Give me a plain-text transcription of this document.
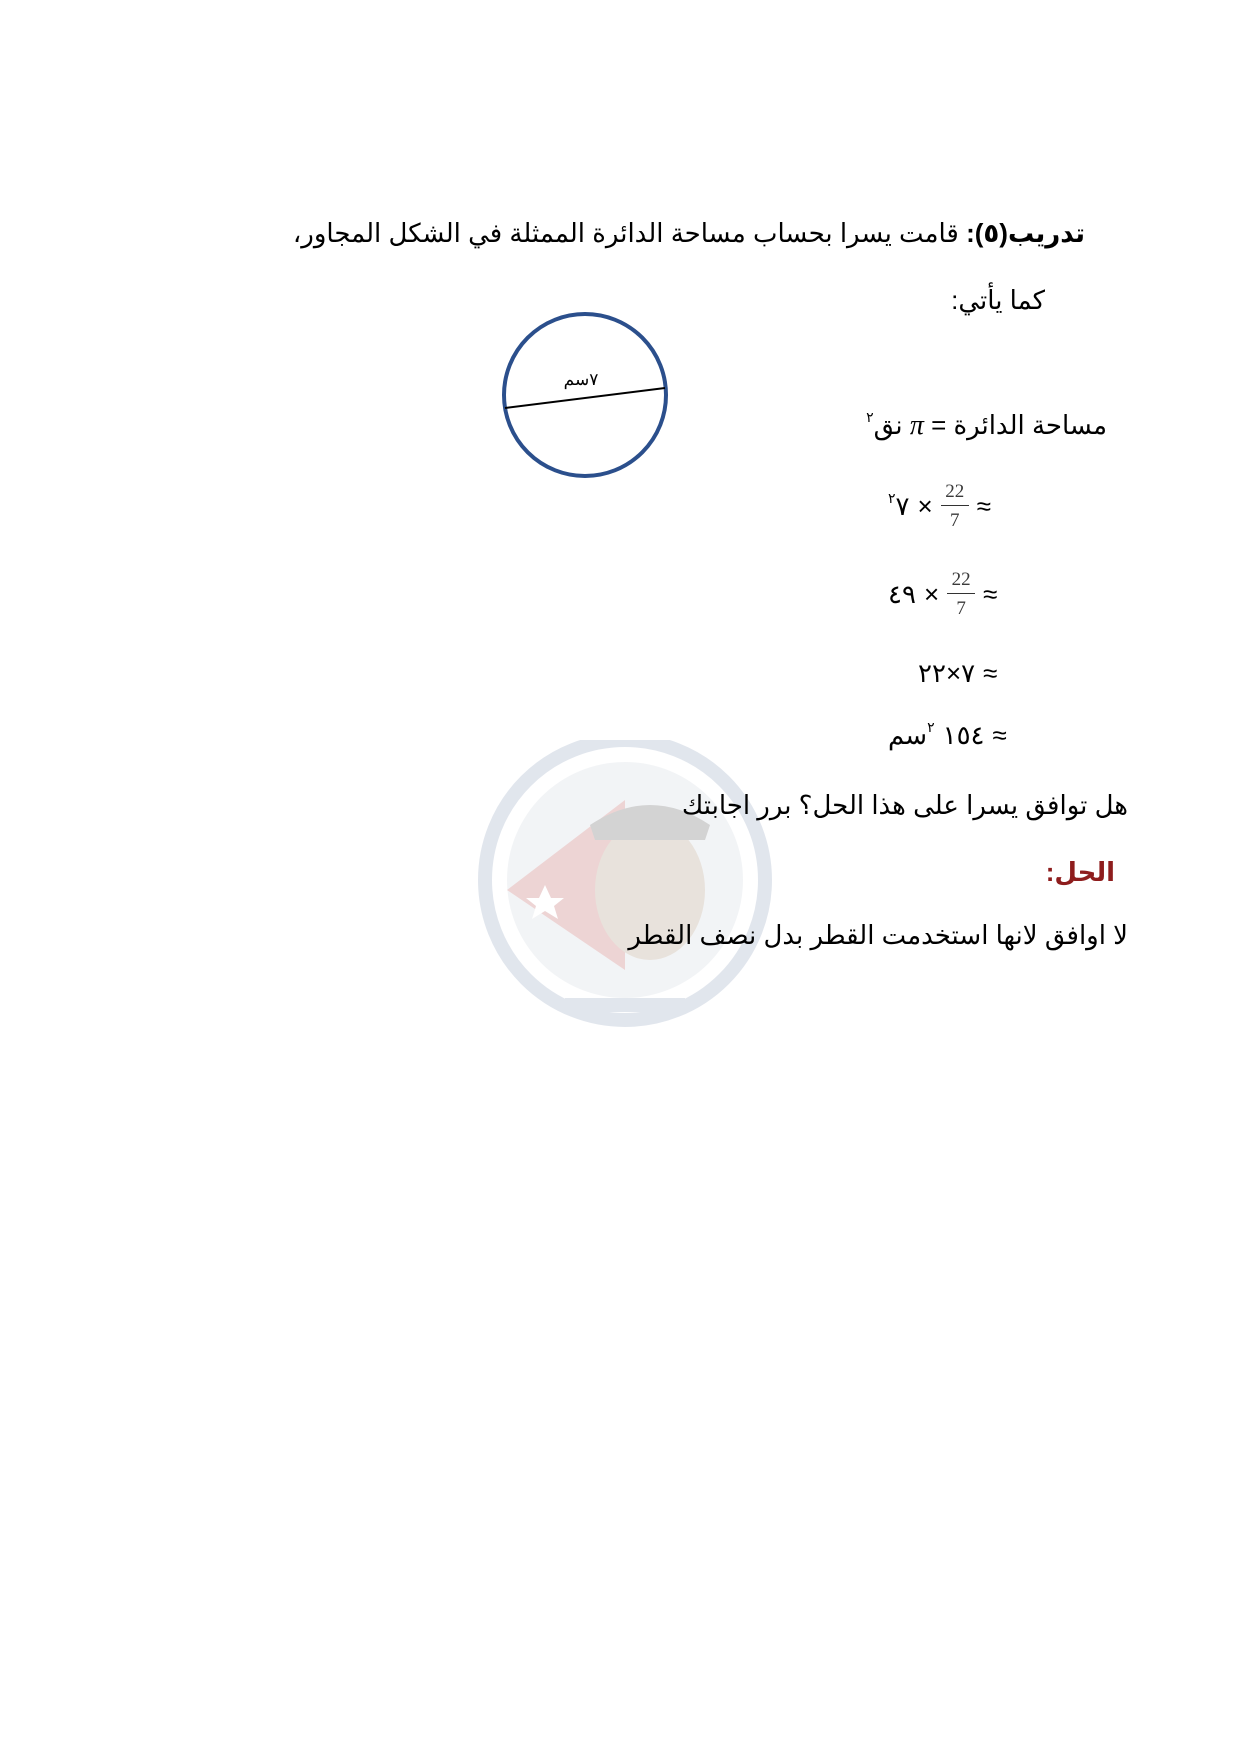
تدريب(٥): قامت يسرا بحساب مساحة الدائرة الممثلة في الشكل المجاور،
كما يأتي:
٧سم
مساحة الدائرة = π نق$^٢$
$^٢$٧ × $\frac{22}{7}$ ≈
٤٩ × $\frac{22}{7}$ ≈
٧×٢٢ ≈
$^٢$سم ١٥٤ ≈
هل توافق يسرا على هذا الحل؟ برر اجابتك
الحل:
لا اوافق لانها استخدمت القطر بدل نصف القطر
